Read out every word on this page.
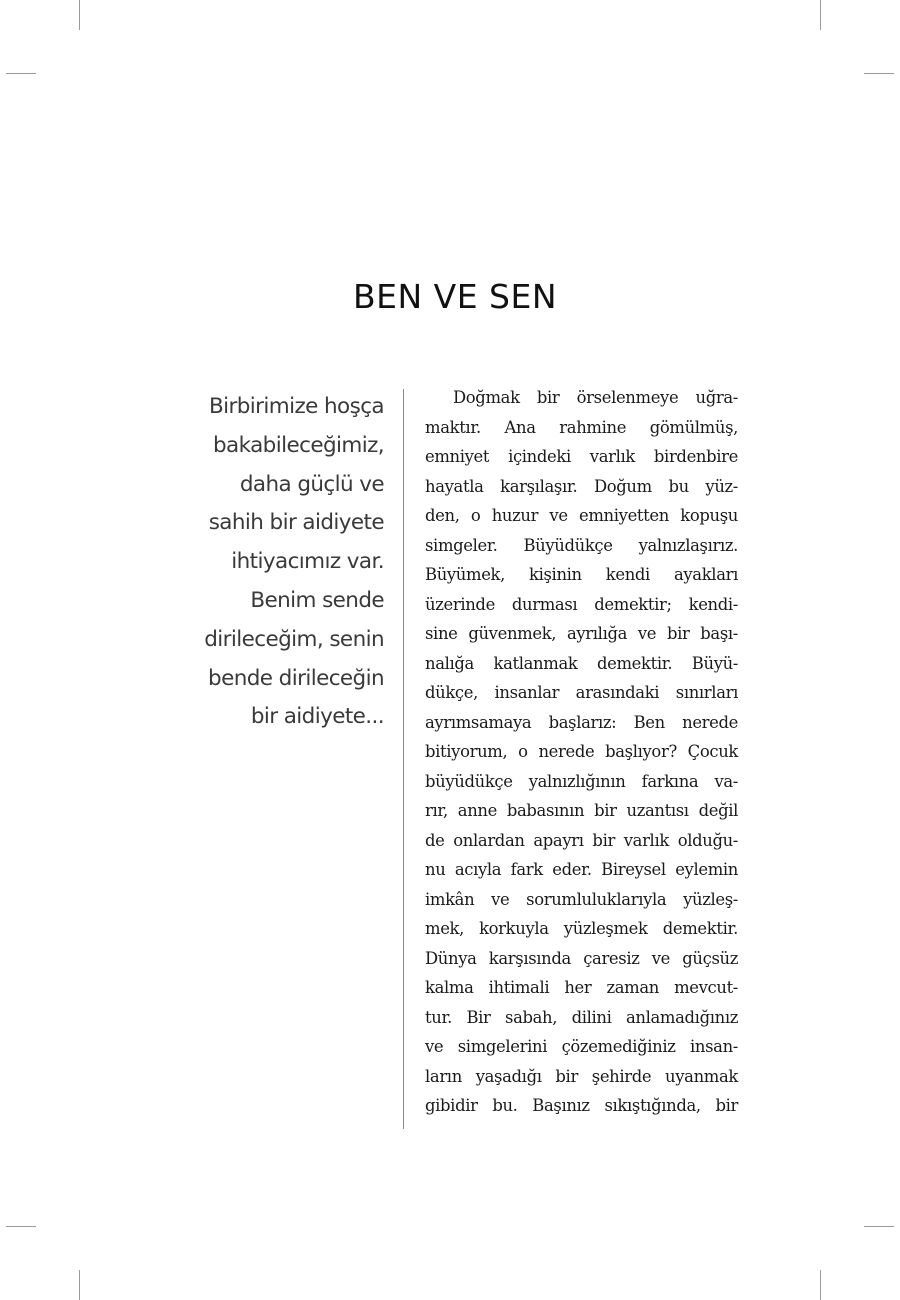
BEN VE SEN
Birbirimize hoşça
bakabileceğimiz,
daha güçlü ve
sahih bir aidiyete
ihtiyacımız var.
Benim sende
dirileceğim, senin
bende dirileceğin
bir aidiyete...
Doğmak bir örselenmeye uğra-
maktır. Ana rahmine gömülmüş,
emniyet içindeki varlık birdenbire
hayatla karşılaşır. Doğum bu yüz-
den, o huzur ve emniyetten kopuşu
simgeler. Büyüdükçe yalnızlaşırız.
Büyümek, kişinin kendi ayakları
üzerinde durması demektir; kendi-
sine güvenmek, ayrılığa ve bir başı-
nalığa katlanmak demektir. Büyü-
dükçe, insanlar arasındaki sınırları
ayrımsamaya başlarız: Ben nerede
bitiyorum, o nerede başlıyor? Çocuk
büyüdükçe yalnızlığının farkına va-
rır, anne babasının bir uzantısı değil
de onlardan apayrı bir varlık olduğu-
nu acıyla fark eder. Bireysel eylemin
imkân ve sorumluluklarıyla yüzleş-
mek, korkuyla yüzleşmek demektir.
Dünya karşısında çaresiz ve güçsüz
kalma ihtimali her zaman mevcut-
tur. Bir sabah, dilini anlamadığınız
ve simgelerini çözemediğiniz insan-
ların yaşadığı bir şehirde uyanmak
gibidir bu. Başınız sıkıştığında, bir
